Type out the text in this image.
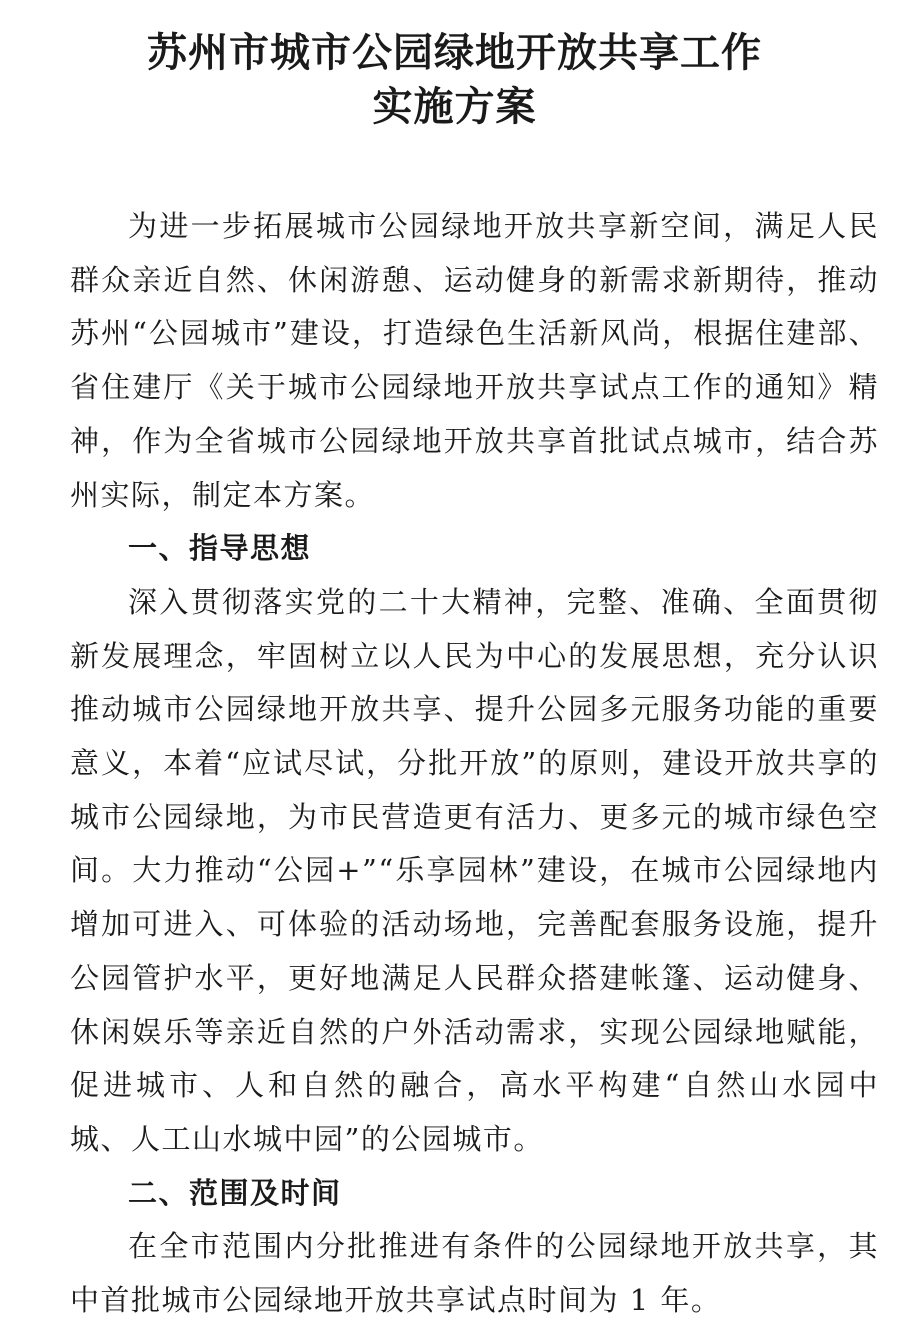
苏州市城市公园绿地开放共享工作
实施方案

为进一步拓展城市公园绿地开放共享新空间，满足人民群众亲近自然、休闲游憩、运动健身的新需求新期待，推动苏州“公园城市”建设，打造绿色生活新风尚，根据住建部、省住建厅《关于城市公园绿地开放共享试点工作的通知》精神，作为全省城市公园绿地开放共享首批试点城市，结合苏州实际，制定本方案。

一、指导思想

深入贯彻落实党的二十大精神，完整、准确、全面贯彻新发展理念，牢固树立以人民为中心的发展思想，充分认识推动城市公园绿地开放共享、提升公园多元服务功能的重要意义，本着“应试尽试，分批开放”的原则，建设开放共享的城市公园绿地，为市民营造更有活力、更多元的城市绿色空间。大力推动“公园+”“乐享园林”建设，在城市公园绿地内增加可进入、可体验的活动场地，完善配套服务设施，提升公园管护水平，更好地满足人民群众搭建帐篷、运动健身、休闲娱乐等亲近自然的户外活动需求，实现公园绿地赋能，促进城市、人和自然的融合，高水平构建“自然山水园中城、人工山水城中园”的公园城市。

二、范围及时间

在全市范围内分批推进有条件的公园绿地开放共享，其中首批城市公园绿地开放共享试点时间为 1 年。
